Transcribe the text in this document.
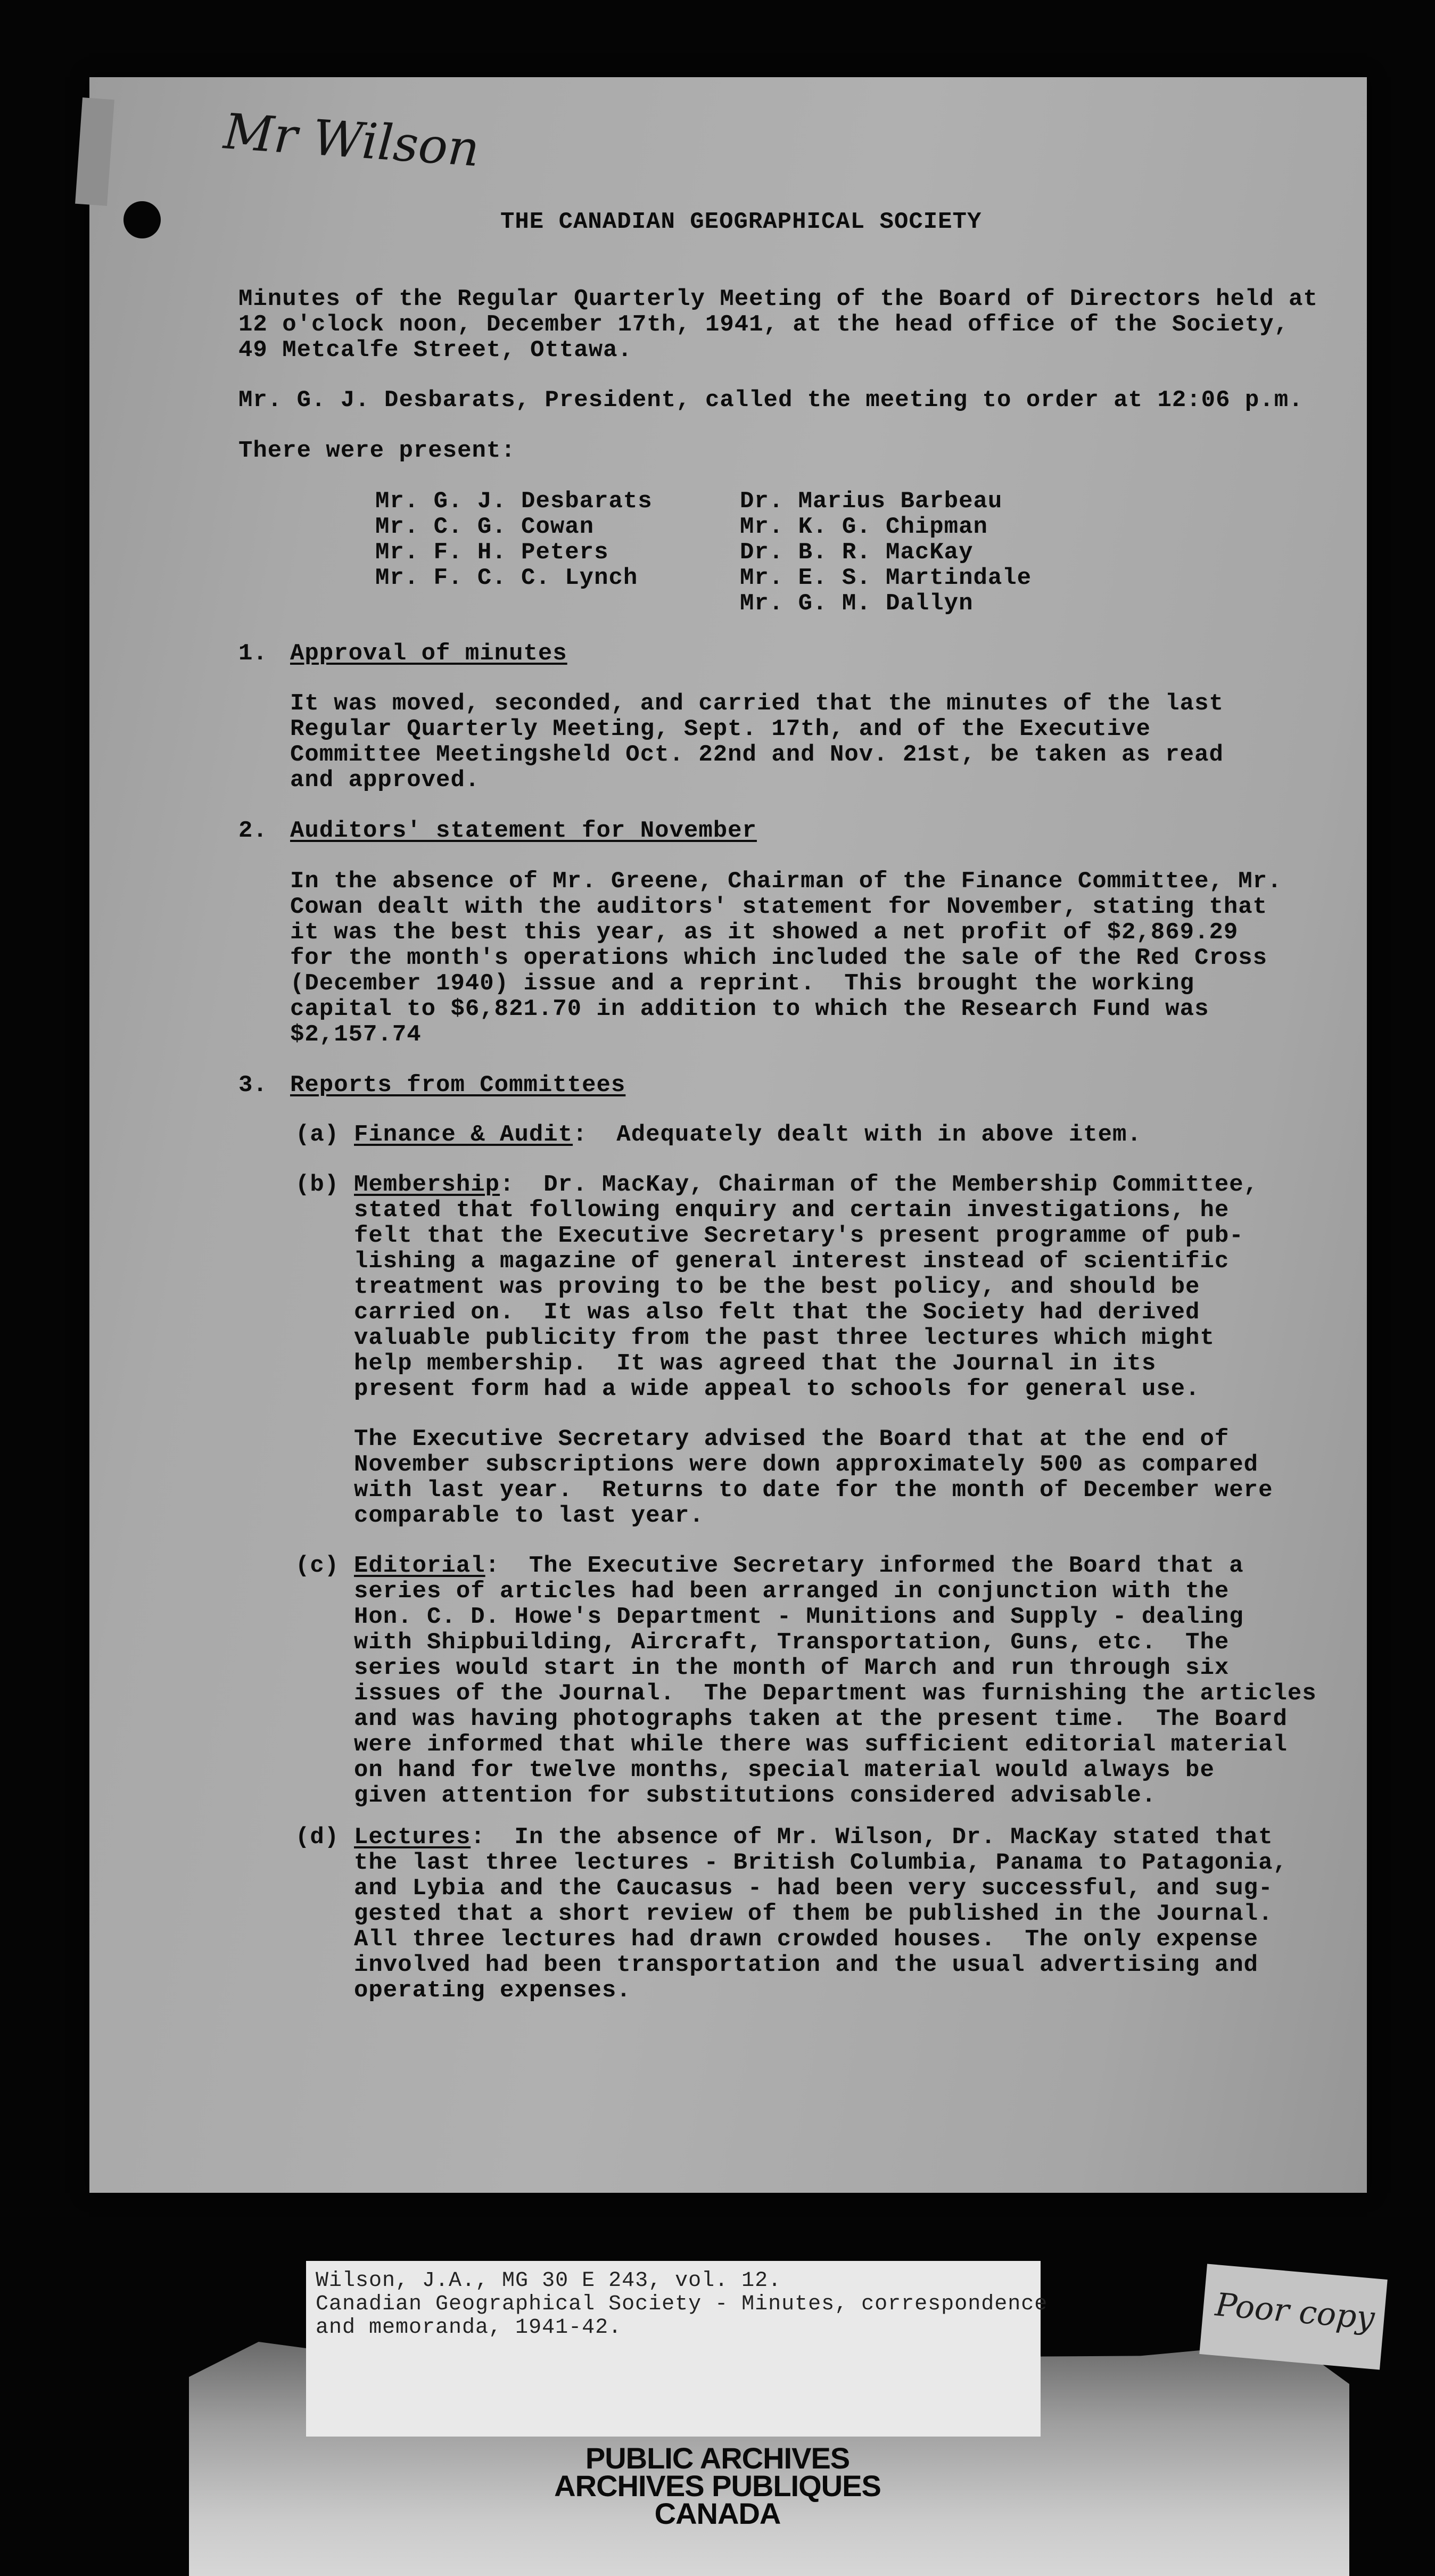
Mr Wilson
THE CANADIAN GEOGRAPHICAL SOCIETY
Minutes of the Regular Quarterly Meeting of the Board of Directors held at
12 o'clock noon, December 17th, 1941, at the head office of the Society,
49 Metcalfe Street, Ottawa.
Mr. G. J. Desbarats, President, called the meeting to order at 12:06 p.m.
There were present:
Mr. G. J. Desbarats
Mr. C. G. Cowan
Mr. F. H. Peters
Mr. F. C. C. Lynch
Dr. Marius Barbeau
Mr. K. G. Chipman
Dr. B. R. MacKay
Mr. E. S. Martindale
Mr. G. M. Dallyn
1. Approval of minutes
It was moved, seconded, and carried that the minutes of the last
Regular Quarterly Meeting, Sept. 17th, and of the Executive
Committee Meetingsheld Oct. 22nd and Nov. 21st, be taken as read
and approved.
2. Auditors' statement for November
In the absence of Mr. Greene, Chairman of the Finance Committee, Mr.
Cowan dealt with the auditors' statement for November, stating that
it was the best this year, as it showed a net profit of $2,869.29
for the month's operations which included the sale of the Red Cross
(December 1940) issue and a reprint.  This brought the working
capital to $6,821.70 in addition to which the Research Fund was
$2,157.74
3. Reports from Committees
(a) Finance & Audit:  Adequately dealt with in above item.
(b) Membership:  Dr. MacKay, Chairman of the Membership Committee,
stated that following enquiry and certain investigations, he
felt that the Executive Secretary's present programme of pub-
lishing a magazine of general interest instead of scientific
treatment was proving to be the best policy, and should be
carried on.  It was also felt that the Society had derived
valuable publicity from the past three lectures which might
help membership.  It was agreed that the Journal in its
present form had a wide appeal to schools for general use.
The Executive Secretary advised the Board that at the end of
November subscriptions were down approximately 500 as compared
with last year.  Returns to date for the month of December were
comparable to last year.
(c) Editorial:  The Executive Secretary informed the Board that a
series of articles had been arranged in conjunction with the
Hon. C. D. Howe's Department - Munitions and Supply - dealing
with Shipbuilding, Aircraft, Transportation, Guns, etc.  The
series would start in the month of March and run through six
issues of the Journal.  The Department was furnishing the articles
and was having photographs taken at the present time.  The Board
were informed that while there was sufficient editorial material
on hand for twelve months, special material would always be
given attention for substitutions considered advisable.
(d) Lectures:  In the absence of Mr. Wilson, Dr. MacKay stated that
the last three lectures - British Columbia, Panama to Patagonia,
and Lybia and the Caucasus - had been very successful, and sug-
gested that a short review of them be published in the Journal.
All three lectures had drawn crowded houses.  The only expense
involved had been transportation and the usual advertising and
operating expenses.
Wilson, J.A., MG 30 E 243, vol. 12.
Canadian Geographical Society - Minutes, correspondence
and memoranda, 1941-42.	Poor copy
PUBLIC ARCHIVES
ARCHIVES PUBLIQUES
CANADA
